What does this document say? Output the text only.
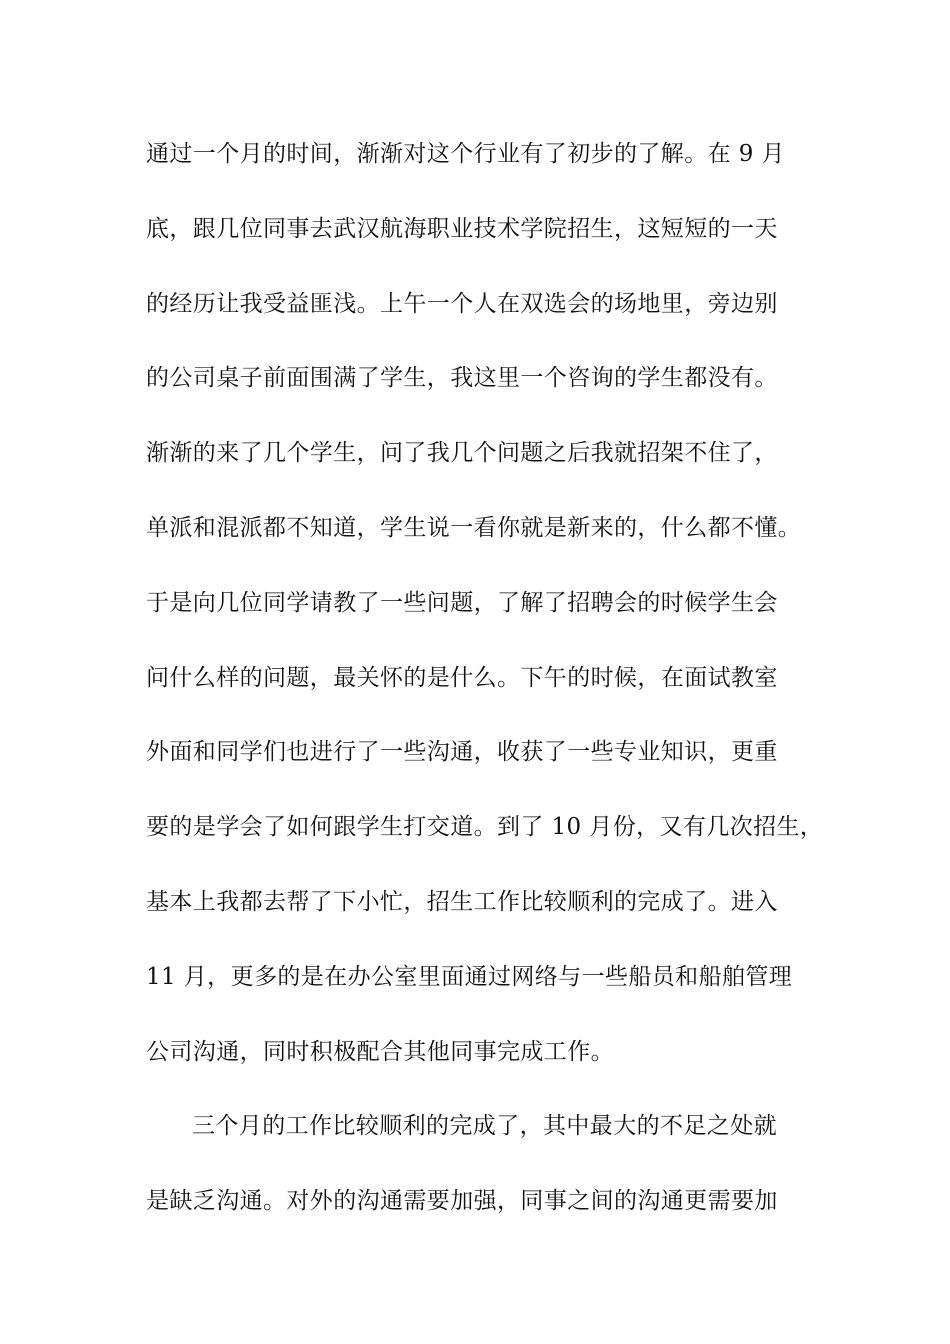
通过一个月的时间，渐渐对这个行业有了初步的了解。在 9 月
底，跟几位同事去武汉航海职业技术学院招生，这短短的一天
的经历让我受益匪浅。上午一个人在双选会的场地里，旁边别
的公司桌子前面围满了学生，我这里一个咨询的学生都没有。
渐渐的来了几个学生，问了我几个问题之后我就招架不住了，
单派和混派都不知道，学生说一看你就是新来的，什么都不懂。
于是向几位同学请教了一些问题，了解了招聘会的时候学生会
问什么样的问题，最关怀的是什么。下午的时候，在面试教室
外面和同学们也进行了一些沟通，收获了一些专业知识，更重
要的是学会了如何跟学生打交道。到了 10 月份，又有几次招生，
基本上我都去帮了下小忙，招生工作比较顺利的完成了。进入
11 月，更多的是在办公室里面通过网络与一些船员和船舶管理
公司沟通，同时积极配合其他同事完成工作。
三个月的工作比较顺利的完成了，其中最大的不足之处就
是缺乏沟通。对外的沟通需要加强，同事之间的沟通更需要加
